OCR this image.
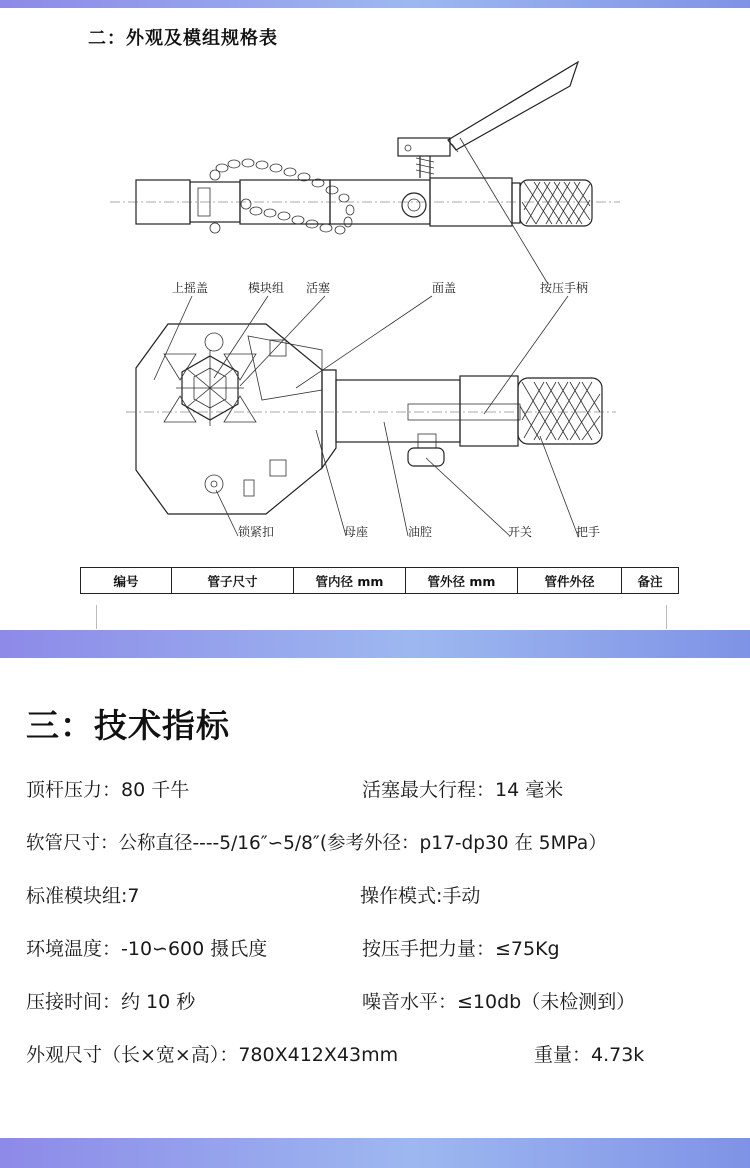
二：外观及模组规格表
上摇盖	模块组 活塞	面盖	按压手柄
锁紧扣	母座	油腔	开关	把手
编号	管子尺寸	管内径 mm	管外径 mm	管件外径	备注
三：技术指标
顶杆压力：80 千牛	活塞最大行程：14 毫米
软管尺寸：公称直径----5/16″∽5/8″(参考外径：p17-dp30 在 5MPa）
标准模块组:7	操作模式:手动
环境温度：-10∽600 摄氏度	按压手把力量：≤75Kg
压接时间：约 10 秒	噪音水平：≤10db（未检测到）
外观尺寸（长×宽×高）：780X412X43mm	重量：4.73k
